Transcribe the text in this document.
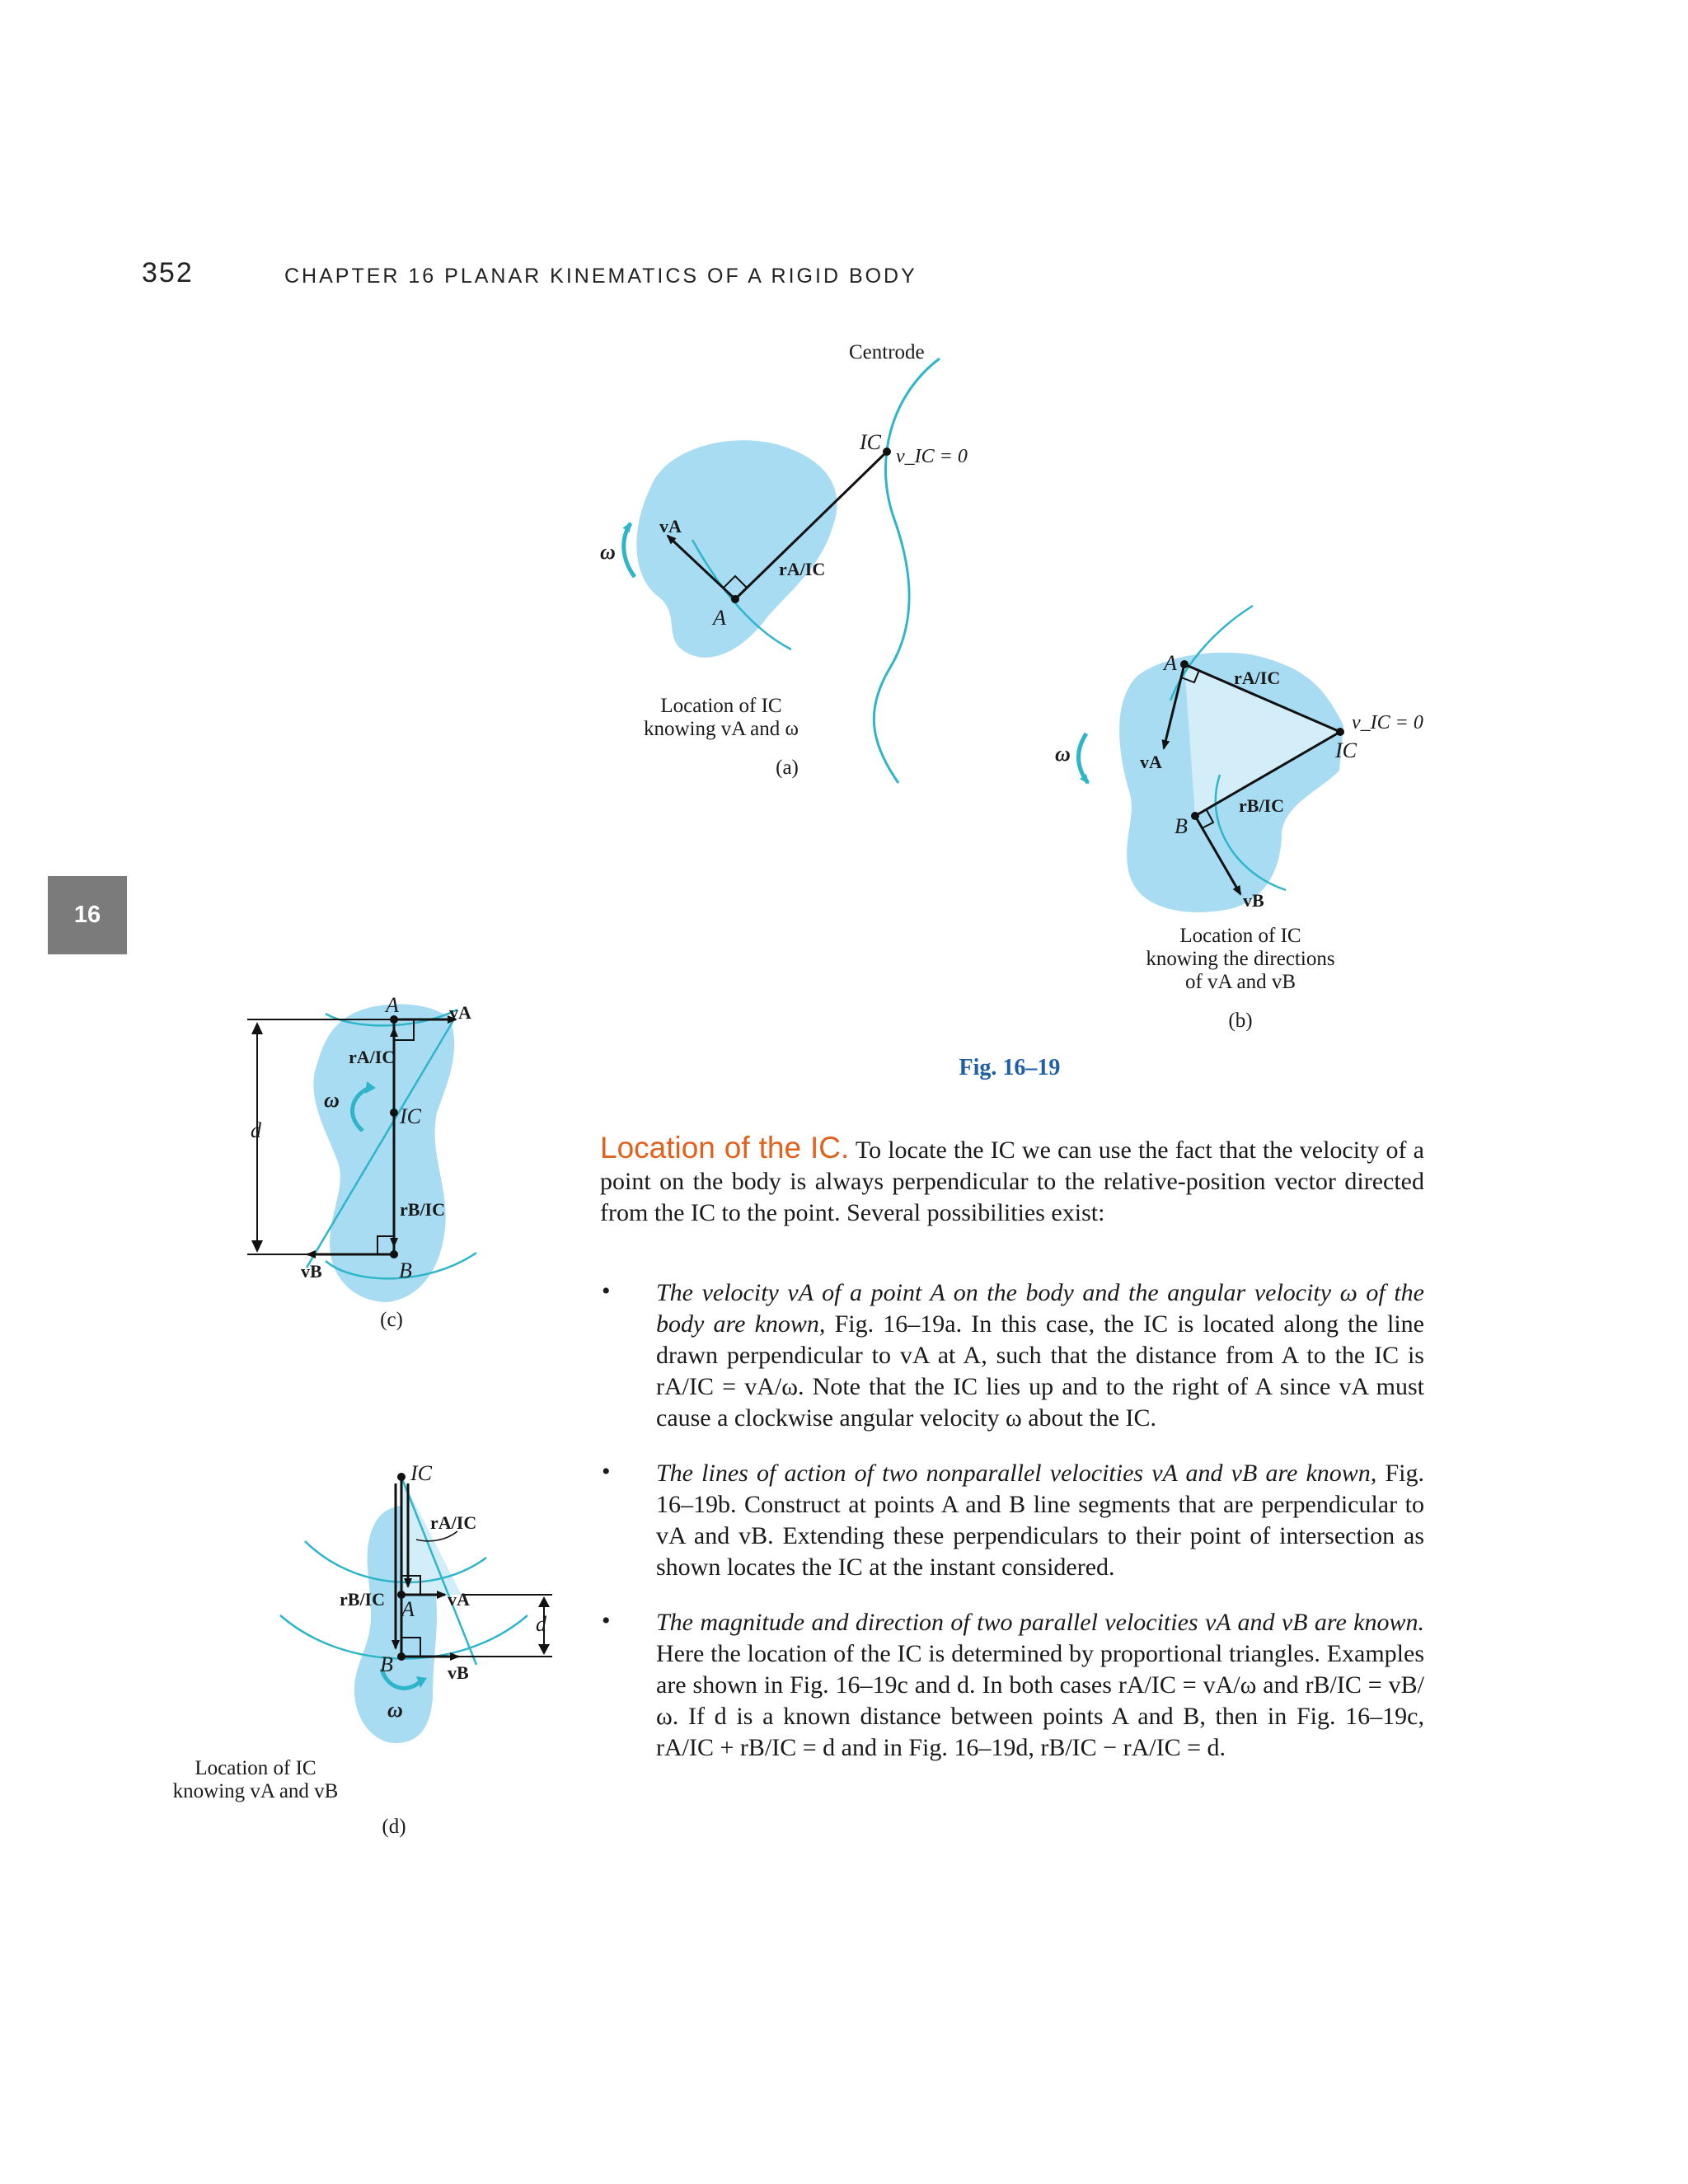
352	CHAPTER 16 PLANAR KINEMATICS OF A RIGID BODY
16
Centrode
IC
v_IC = 0
vA
rA/IC
ω
A
Location of IC
knowing vA and ω
(a)
A
rA/IC
v_IC = 0
IC
vA
rB/IC
B
vB
ω
Location of IC
knowing the directions
of vA and vB
(b)
Fig. 16–19
A	vA
rA/IC
ω
IC
d
rB/IC
vB	B
(c)
IC
rA/IC
rB/IC A vA
d
B	vB
ω
Location of IC
knowing vA and vB
(d)
Location of the IC. To locate the IC we can use the fact that the velocity of a point on the body is always perpendicular to the relative-position vector directed from the IC to the point. Several possibilities exist:
• The velocity vA of a point A on the body and the angular velocity ω of the body are known, Fig. 16–19a. In this case, the IC is located along the line drawn perpendicular to vA at A, such that the distance from A to the IC is rA/IC = vA/ω. Note that the IC lies up and to the right of A since vA must cause a clockwise angular velocity ω about the IC.
• The lines of action of two nonparallel velocities vA and vB are known, Fig. 16–19b. Construct at points A and B line segments that are perpendicular to vA and vB. Extending these perpendiculars to their point of intersection as shown locates the IC at the instant considered.
• The magnitude and direction of two parallel velocities vA and vB are known. Here the location of the IC is determined by proportional triangles. Examples are shown in Fig. 16–19c and d. In both cases rA/IC = vA/ω and rB/IC = vB/ω. If d is a known distance between points A and B, then in Fig. 16–19c, rA/IC + rB/IC = d and in Fig. 16–19d, rB/IC − rA/IC = d.
